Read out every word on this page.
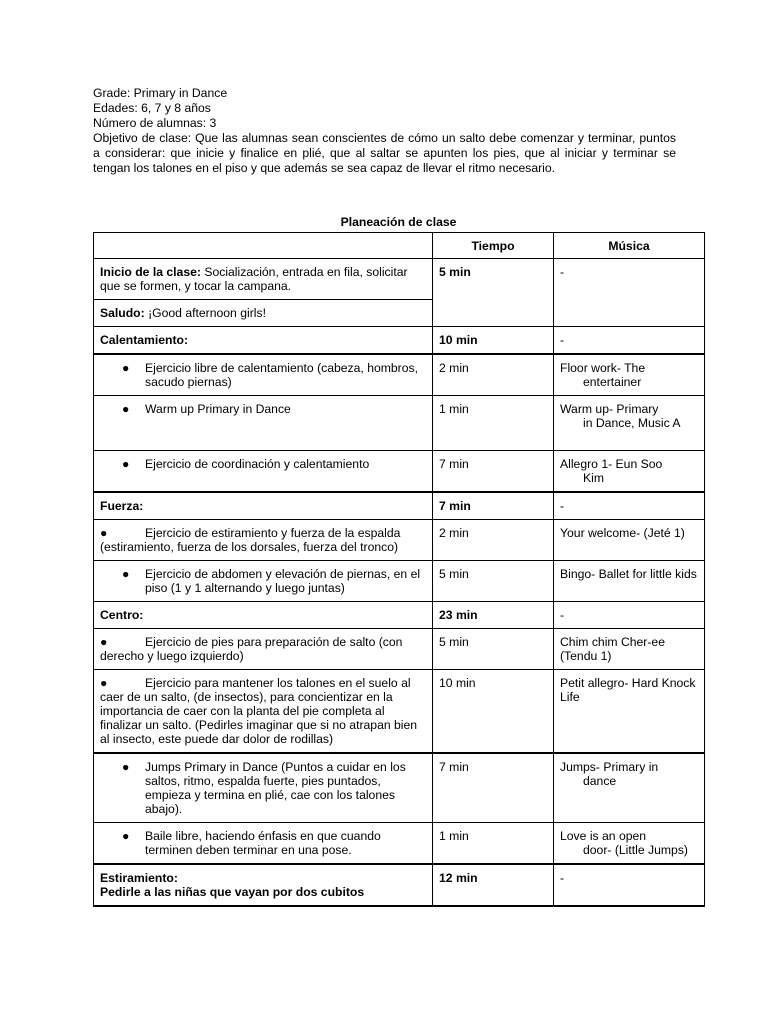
Grade: Primary in Dance

Edades: 6, 7 y 8 años

Número de alumnas: 3

Objetivo de clase: Que las alumnas sean conscientes de cómo un salto debe comenzar y terminar, puntos a considerar: que inicie y finalice en plié, que al saltar se apunten los pies, que al iniciar y terminar se tengan los talones en el piso y que además se sea capaz de llevar el ritmo necesario.

Planeación de clase
	Tiempo	Música
Inicio de la clase: Socialización, entrada en fila, solicitar que se formen, y tocar la campana.	5 min	-
Saludo: ¡Good afternoon girls!		
Calentamiento:	10 min	-

● Ejercicio libre de calentamiento (cabeza, hombros, sacudo piernas)	2 min	Floor work- The
entertainer

● Warm up Primary in Dance	1 min	Warm up- Primary
in Dance, Music A

● Ejercicio de coordinación y calentamiento	7 min	Allegro 1- Eun Soo
Kim

Fuerza:	7 min	-
● Ejercicio de estiramiento y fuerza de la espalda (estiramiento, fuerza de los dorsales, fuerza del tronco)	2 min	Your welcome- (Jeté 1)

● Ejercicio de abdomen y elevación de piernas, en el piso (1 y 1 alternando y luego juntas)	5 min	Bingo- Ballet for little kids
Centro:	23 min	-
● Ejercicio de pies para preparación de salto (con derecho y luego izquierdo)	5 min	Chim chim Cher-ee (Tendu 1)
● Ejercicio para mantener los talones en el suelo al caer de un salto, (de insectos), para concientizar en la importancia de caer con la planta del pie completa al finalizar un salto. (Pedirles imaginar que si no atrapan bien al insecto, este puede dar dolor de rodillas)	10 min	Petit allegro- Hard Knock Life

● Jumps Primary in Dance (Puntos a cuidar en los saltos, ritmo, espalda fuerte, pies puntados, empieza y termina en plié, cae con los talones abajo).	7 min	Jumps- Primary in
dance

● Baile libre, haciendo énfasis en que cuando terminen deben terminar en una pose.	1 min	Love is an open
door- (Little Jumps)

Estiramiento:
Pedirle a las niñas que vayan por dos cubitos	12 min	-
